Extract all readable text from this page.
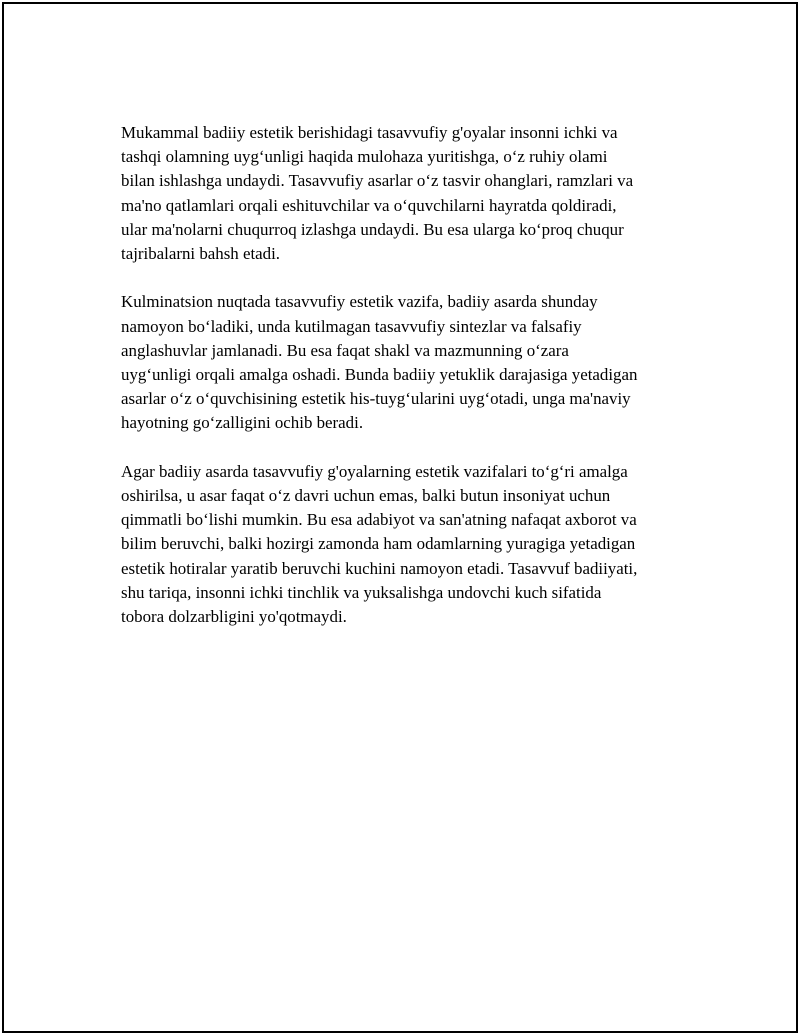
Mukammal badiiy estetik berishidagi tasavvufiy g'oyalar insonni ichki va
tashqi olamning uyg‘unligi haqida mulohaza yuritishga, o‘z ruhiy olami
bilan ishlashga undaydi. Tasavvufiy asarlar o‘z tasvir ohanglari, ramzlari va
ma'no qatlamlari orqali eshituvchilar va o‘quvchilarni hayratda qoldiradi,
ular ma'nolarni chuqurroq izlashga undaydi. Bu esa ularga ko‘proq chuqur
tajribalarni bahsh etadi.

Kulminatsion nuqtada tasavvufiy estetik vazifa, badiiy asarda shunday
namoyon bo‘ladiki, unda kutilmagan tasavvufiy sintezlar va falsafiy
anglashuvlar jamlanadi. Bu esa faqat shakl va mazmunning o‘zara
uyg‘unligi orqali amalga oshadi. Bunda badiiy yetuklik darajasiga yetadigan
asarlar o‘z o‘quvchisining estetik his-tuyg‘ularini uyg‘otadi, unga ma'naviy
hayotning go‘zalligini ochib beradi.

Agar badiiy asarda tasavvufiy g'oyalarning estetik vazifalari to‘g‘ri amalga
oshirilsa, u asar faqat o‘z davri uchun emas, balki butun insoniyat uchun
qimmatli bo‘lishi mumkin. Bu esa adabiyot va san'atning nafaqat axborot va
bilim beruvchi, balki hozirgi zamonda ham odamlarning yuragiga yetadigan
estetik hotiralar yaratib beruvchi kuchini namoyon etadi. Tasavvuf badiiyati,
shu tariqa, insonni ichki tinchlik va yuksalishga undovchi kuch sifatida
tobora dolzarbligini yo'qotmaydi.
